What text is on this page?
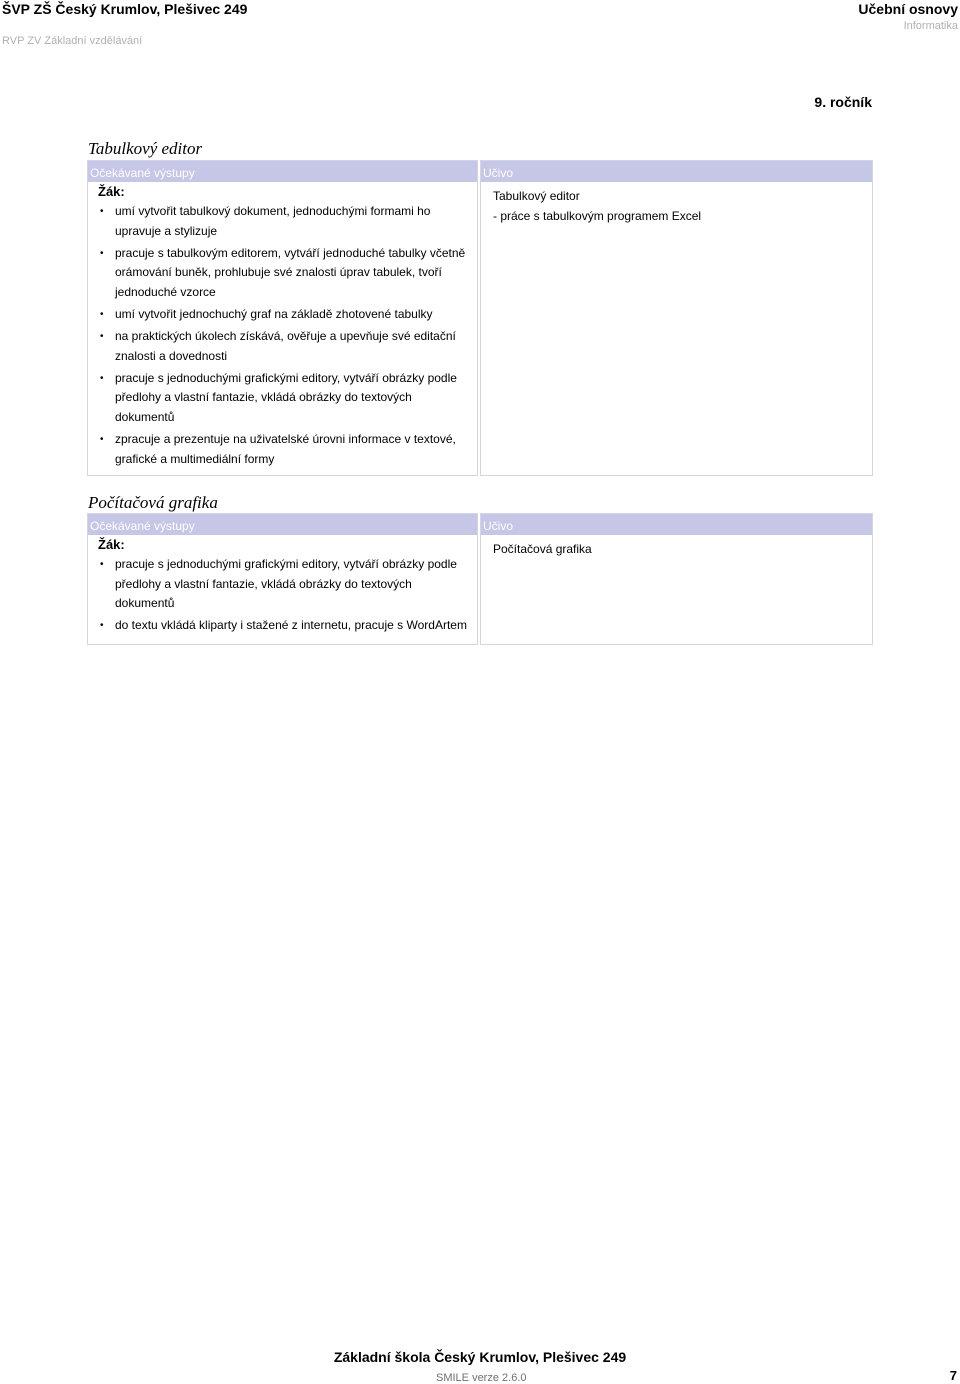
ŠVP ZŠ Český Krumlov, Plešivec 249
RVP ZV Základní vzdělávání
Učební osnovy
Informatika
9. ročník
Tabulkový editor
Očekávané výstupy
Žák:
• umí vytvořit tabulkový dokument, jednoduchými formami ho upravuje a stylizuje
• pracuje s tabulkovým editorem, vytváří jednoduché tabulky včetně orámování buněk, prohlubuje své znalosti úprav tabulek, tvoří jednoduché vzorce
• umí vytvořit jednochuchý graf na základě zhotovené tabulky
• na praktických úkolech získává, ověřuje a upevňuje své editační znalosti a dovednosti
• pracuje s jednoduchými grafickými editory, vytváří obrázky podle předlohy a vlastní fantazie, vkládá obrázky do textových dokumentů
• zpracuje a prezentuje na uživatelské úrovni informace v textové, grafické a multimediální formy
Učivo
Tabulkový editor
- práce s tabulkovým programem Excel
Počítačová grafika
Očekávané výstupy
Žák:
• pracuje s jednoduchými grafickými editory, vytváří obrázky podle předlohy a vlastní fantazie, vkládá obrázky do textových dokumentů
• do textu vkládá kliparty i stažené z internetu, pracuje s WordArtem
Učivo
Počítačová grafika
Základní škola Český Krumlov, Plešivec 249
SMILE verze 2.6.0	7
